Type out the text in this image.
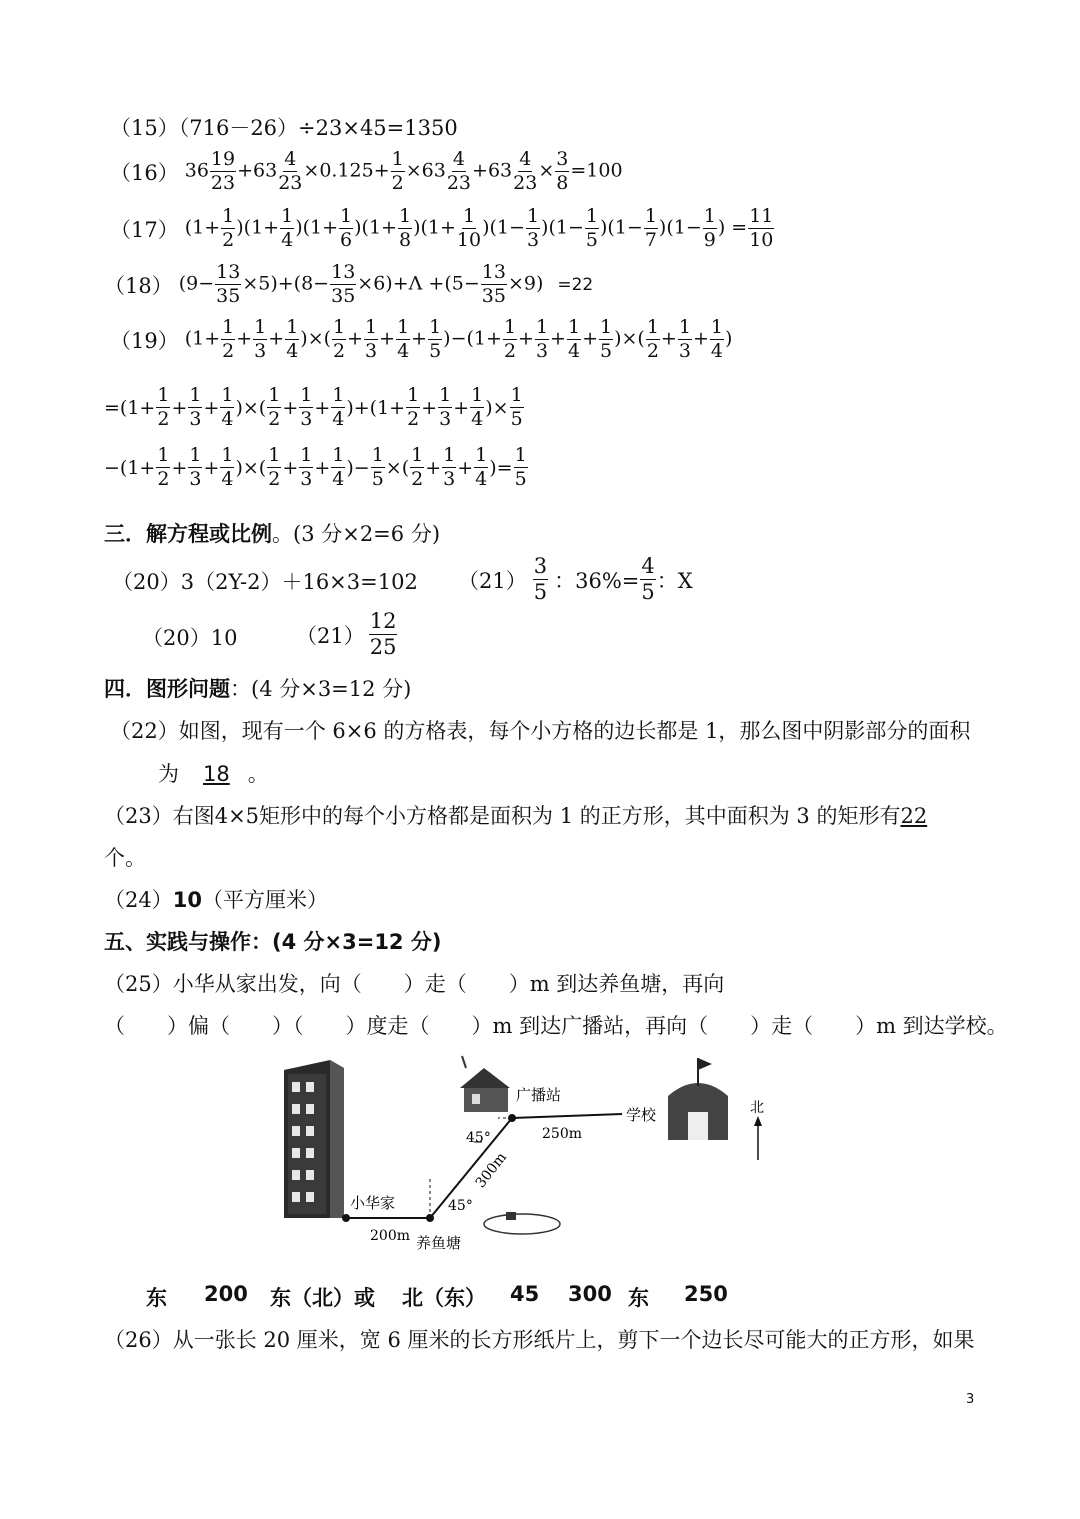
（15）（716－26）÷23×45=1350
（16） $36 \frac{19}{23} +63 \frac{4}{23} \times 0.125+ \frac{1}{2} \times 63 \frac{4}{23} +63 \frac{4}{23} \times \frac{3}{8} =100$
（17） $(1+ \frac{1}{2} )(1+ \frac{1}{4} )(1+ \frac{1}{6} )(1+ \frac{1}{8} )(1+ \frac{1}{10} )(1- \frac{1}{3} )(1- \frac{1}{5} )(1- \frac{1}{7} )(1- \frac{1}{9}$ ) = $\frac{11}{10}$
（18） $(9- \frac{13}{35} \times 5)+(8- \frac{13}{35} \times 6)+\Lambda +(5- \frac{13}{35} \times 9) =22$
（19） ($1+ \frac{1}{2} + \frac{1}{3} + \frac{1}{4}$ )×( $\frac{1}{2} + \frac{1}{3} + \frac{1}{4} + \frac{1}{5} )-(1+ \frac{1}{2} + \frac{1}{3} + \frac{1}{4} + \frac{1}{5}$ )×( $\frac{1}{2} + \frac{1}{3} + \frac{1}{4}$ )
=(1+
1
2
+
1
3
+
1
4
)×(
1
2
+
1
3
+
1
4
)+(1+
1
2
+
1
3
+
1
4
)×
1
5
−(1+
1
2
+
1
3
+
1
4
)×(
1
2
+
1
3
+
1
4
)−
1
5
×(
1
2
+
1
3
+
1
4
)=
1
5
三．解方程或比例。(3 分×2=6 分)
（20）3（2Y-2）＋16×3=102 （21）
3
5 ：$36\%= \frac{4}{5}$ ：X
（20）10	（21）
12
25
四．图形问题：(4 分×3=12 分)
（22）如图，现有一个 6×6 的方格表，每个小方格的边长都是 1，那么图中阴影部分的面积
为 18 。
（23）右图4×5矩形中的每个小方格都是面积为 1 的正方形，其中面积为 3 的矩形有22
个。
（24）10（平方厘米）
五、实践与操作：(4 分×3=12 分)
（25）小华从家出发，向（　　）走（　　）m 到达养鱼塘，再向
（　　）偏（　　）（　　）度走（　　）m 到达广播站，再向（　　）走（　　）m 到达学校。
小华家
200m 养鱼塘
45°
45°
300m
广播站
250m
学校	北
东	200	东（北）或	北（东）	45	300 东	250
（26）从一张长 20 厘米，宽 6 厘米的长方形纸片上，剪下一个边长尽可能大的正方形，如果
3
